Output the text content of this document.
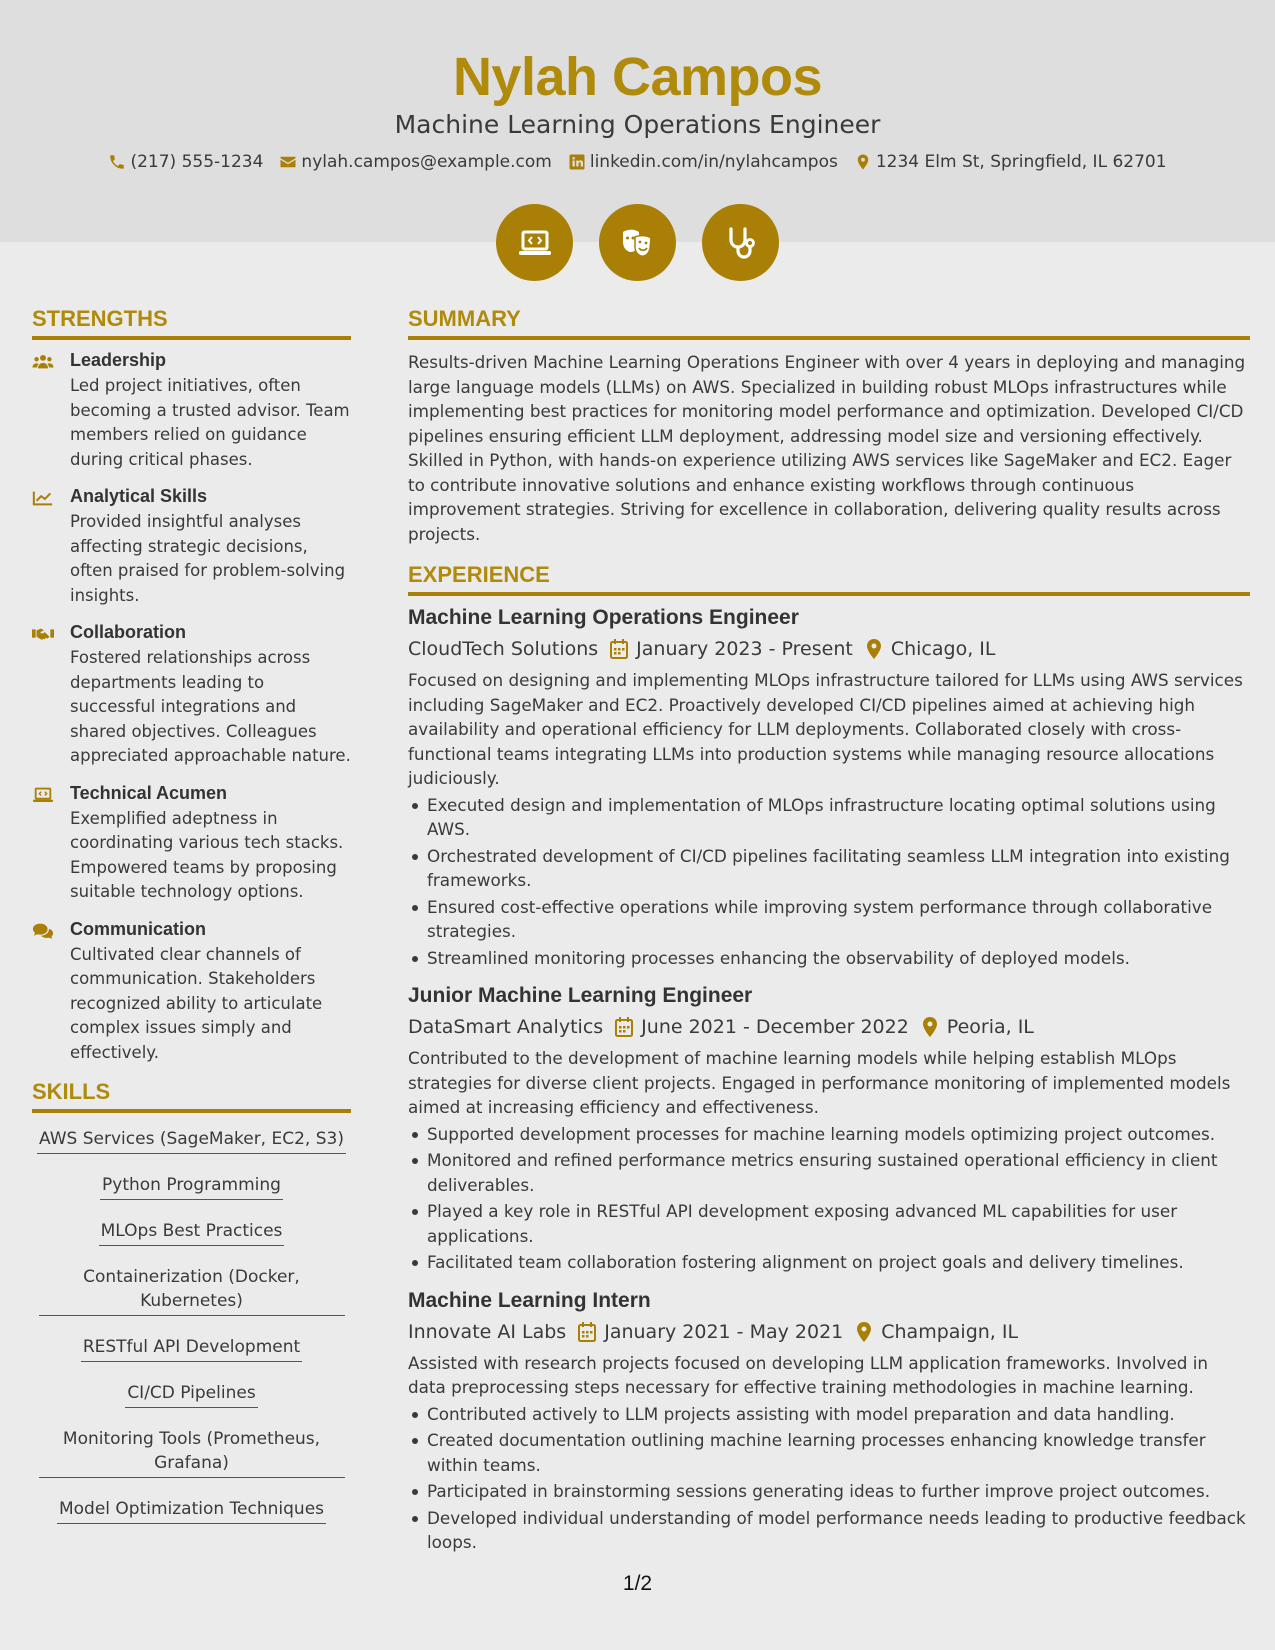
Nylah Campos
Machine Learning Operations Engineer
(217) 555-1234 nylah.campos@example.com linkedin.com/in/nylahcampos 1234 Elm St, Springfield, IL 62701
STRENGTHS
Leadership
Led project initiatives, often becoming a trusted advisor. Team members relied on guidance during critical phases.
Analytical Skills
Provided insightful analyses affecting strategic decisions, often praised for problem-solving insights.
Collaboration
Fostered relationships across departments leading to successful integrations and shared objectives. Colleagues appreciated approachable nature.
Technical Acumen
Exemplified adeptness in coordinating various tech stacks. Empowered teams by proposing suitable technology options.
Communication
Cultivated clear channels of communication. Stakeholders recognized ability to articulate complex issues simply and effectively.
SKILLS
AWS Services (SageMaker, EC2, S3)
Python Programming
MLOps Best Practices
Containerization (Docker, Kubernetes)
RESTful API Development
CI/CD Pipelines
Monitoring Tools (Prometheus, Grafana)
Model Optimization Techniques
SUMMARY
Results-driven Machine Learning Operations Engineer with over 4 years in deploying and managing large language models (LLMs) on AWS. Specialized in building robust MLOps infrastructures while implementing best practices for monitoring model performance and optimization. Developed CI/CD pipelines ensuring efficient LLM deployment, addressing model size and versioning effectively. Skilled in Python, with hands-on experience utilizing AWS services like SageMaker and EC2. Eager to contribute innovative solutions and enhance existing workflows through continuous improvement strategies. Striving for excellence in collaboration, delivering quality results across projects.
EXPERIENCE
Machine Learning Operations Engineer
CloudTech Solutions January 2023 - Present Chicago, IL
Focused on designing and implementing MLOps infrastructure tailored for LLMs using AWS services including SageMaker and EC2. Proactively developed CI/CD pipelines aimed at achieving high availability and operational efficiency for LLM deployments. Collaborated closely with cross-functional teams integrating LLMs into production systems while managing resource allocations judiciously.
Executed design and implementation of MLOps infrastructure locating optimal solutions using AWS.
Orchestrated development of CI/CD pipelines facilitating seamless LLM integration into existing frameworks.
Ensured cost-effective operations while improving system performance through collaborative strategies.
Streamlined monitoring processes enhancing the observability of deployed models.
Junior Machine Learning Engineer
DataSmart Analytics June 2021 - December 2022 Peoria, IL
Contributed to the development of machine learning models while helping establish MLOps strategies for diverse client projects. Engaged in performance monitoring of implemented models aimed at increasing efficiency and effectiveness.
Supported development processes for machine learning models optimizing project outcomes.
Monitored and refined performance metrics ensuring sustained operational efficiency in client deliverables.
Played a key role in RESTful API development exposing advanced ML capabilities for user applications.
Facilitated team collaboration fostering alignment on project goals and delivery timelines.
Machine Learning Intern
Innovate AI Labs January 2021 - May 2021 Champaign, IL
Assisted with research projects focused on developing LLM application frameworks. Involved in data preprocessing steps necessary for effective training methodologies in machine learning.
Contributed actively to LLM projects assisting with model preparation and data handling.
Created documentation outlining machine learning processes enhancing knowledge transfer within teams.
Participated in brainstorming sessions generating ideas to further improve project outcomes.
Developed individual understanding of model performance needs leading to productive feedback loops.
1/2
